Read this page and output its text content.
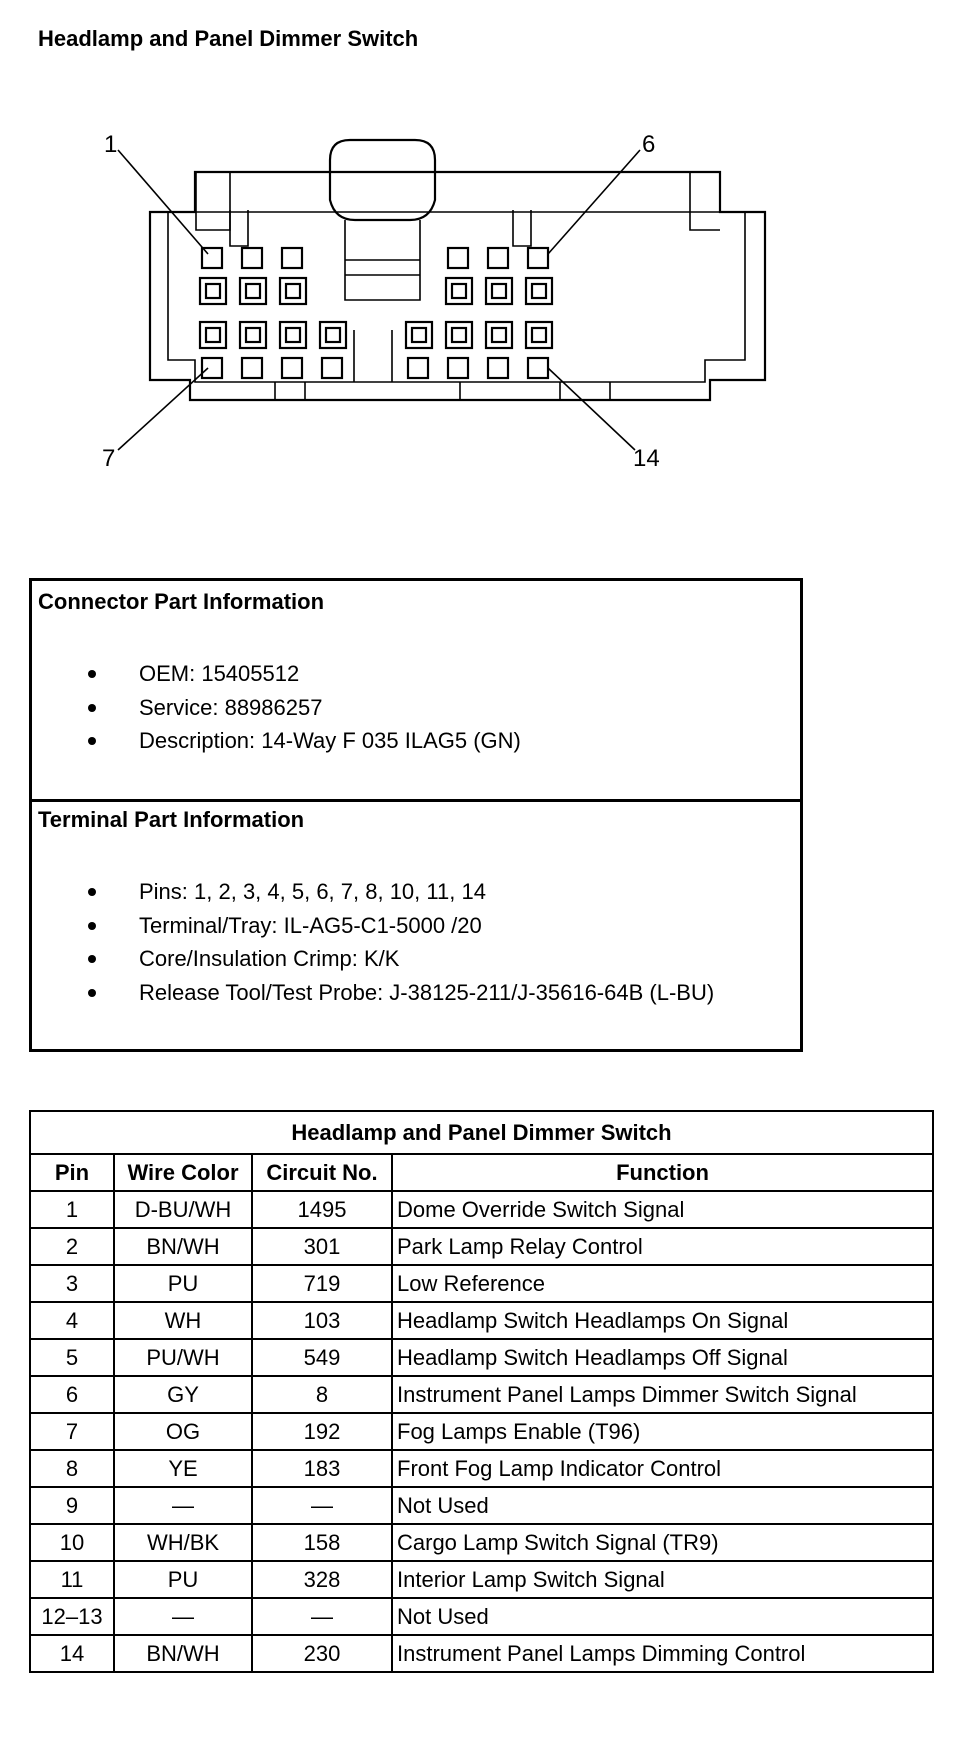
Headlamp and Panel Dimmer Switch
1	6
7	14
Connector Part Information
OEM: 15405512
Service: 88986257
Description: 14-Way F 035 ILAG5 (GN)
Terminal Part Information
Pins: 1, 2, 3, 4, 5, 6, 7, 8, 10, 11, 14
Terminal/Tray: IL-AG5-C1-5000 /20
Core/Insulation Crimp: K/K
Release Tool/Test Probe: J-38125-211/J-35616-64B (L-BU)
Headlamp and Panel Dimmer Switch			
Pin	Wire Color	Circuit No.	Function
1	D-BU/WH	1495	Dome Override Switch Signal
2	BN/WH	301	Park Lamp Relay Control
3	PU	719	Low Reference
4	WH	103	Headlamp Switch Headlamps On Signal
5	PU/WH	549	Headlamp Switch Headlamps Off Signal
6	GY	8	Instrument Panel Lamps Dimmer Switch Signal
7	OG	192	Fog Lamps Enable (T96)
8	YE	183	Front Fog Lamp Indicator Control
9	—	—	Not Used
10	WH/BK	158	Cargo Lamp Switch Signal (TR9)
11	PU	328	Interior Lamp Switch Signal
12–13	—	—	Not Used
14	BN/WH	230	Instrument Panel Lamps Dimming Control
